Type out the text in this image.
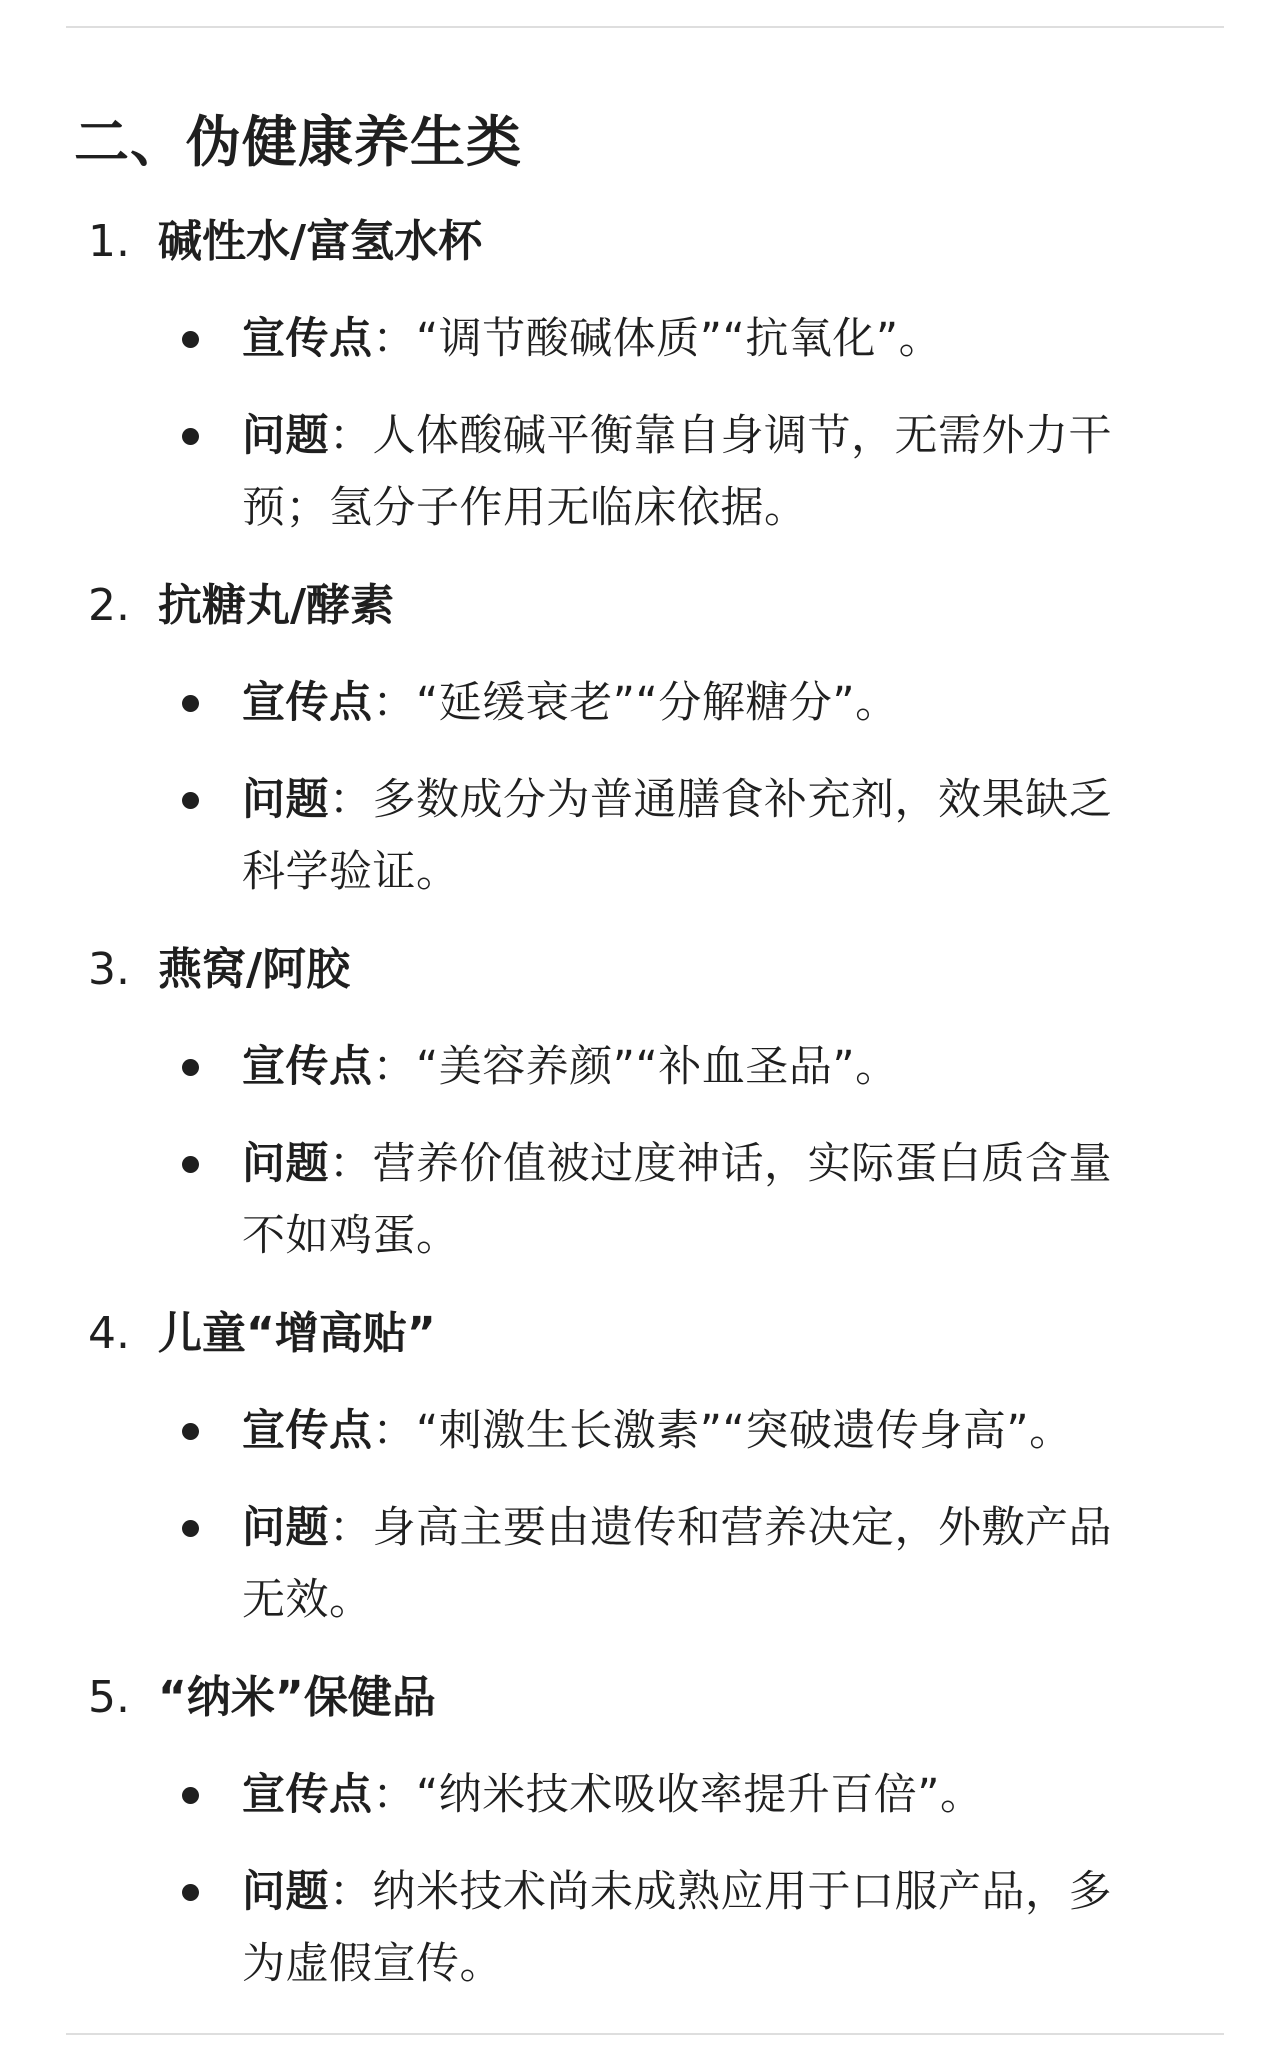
二、伪健康养生类
1. 碱性水/富氢水杯
宣传点：“调节酸碱体质”“抗氧化”。
问题：人体酸碱平衡靠自身调节，无需外力干
预；氢分子作用无临床依据。
2. 抗糖丸/酵素
宣传点：“延缓衰老”“分解糖分”。
问题：多数成分为普通膳食补充剂，效果缺乏
科学验证。
3. 燕窝/阿胶
宣传点：“美容养颜”“补血圣品”。
问题：营养价值被过度神话，实际蛋白质含量
不如鸡蛋。
4. 儿童“增高贴”
宣传点：“刺激生长激素”“突破遗传身高”。
问题：身高主要由遗传和营养决定，外敷产品
无效。
5. “纳米”保健品
宣传点：“纳米技术吸收率提升百倍”。
问题：纳米技术尚未成熟应用于口服产品，多
为虚假宣传。
